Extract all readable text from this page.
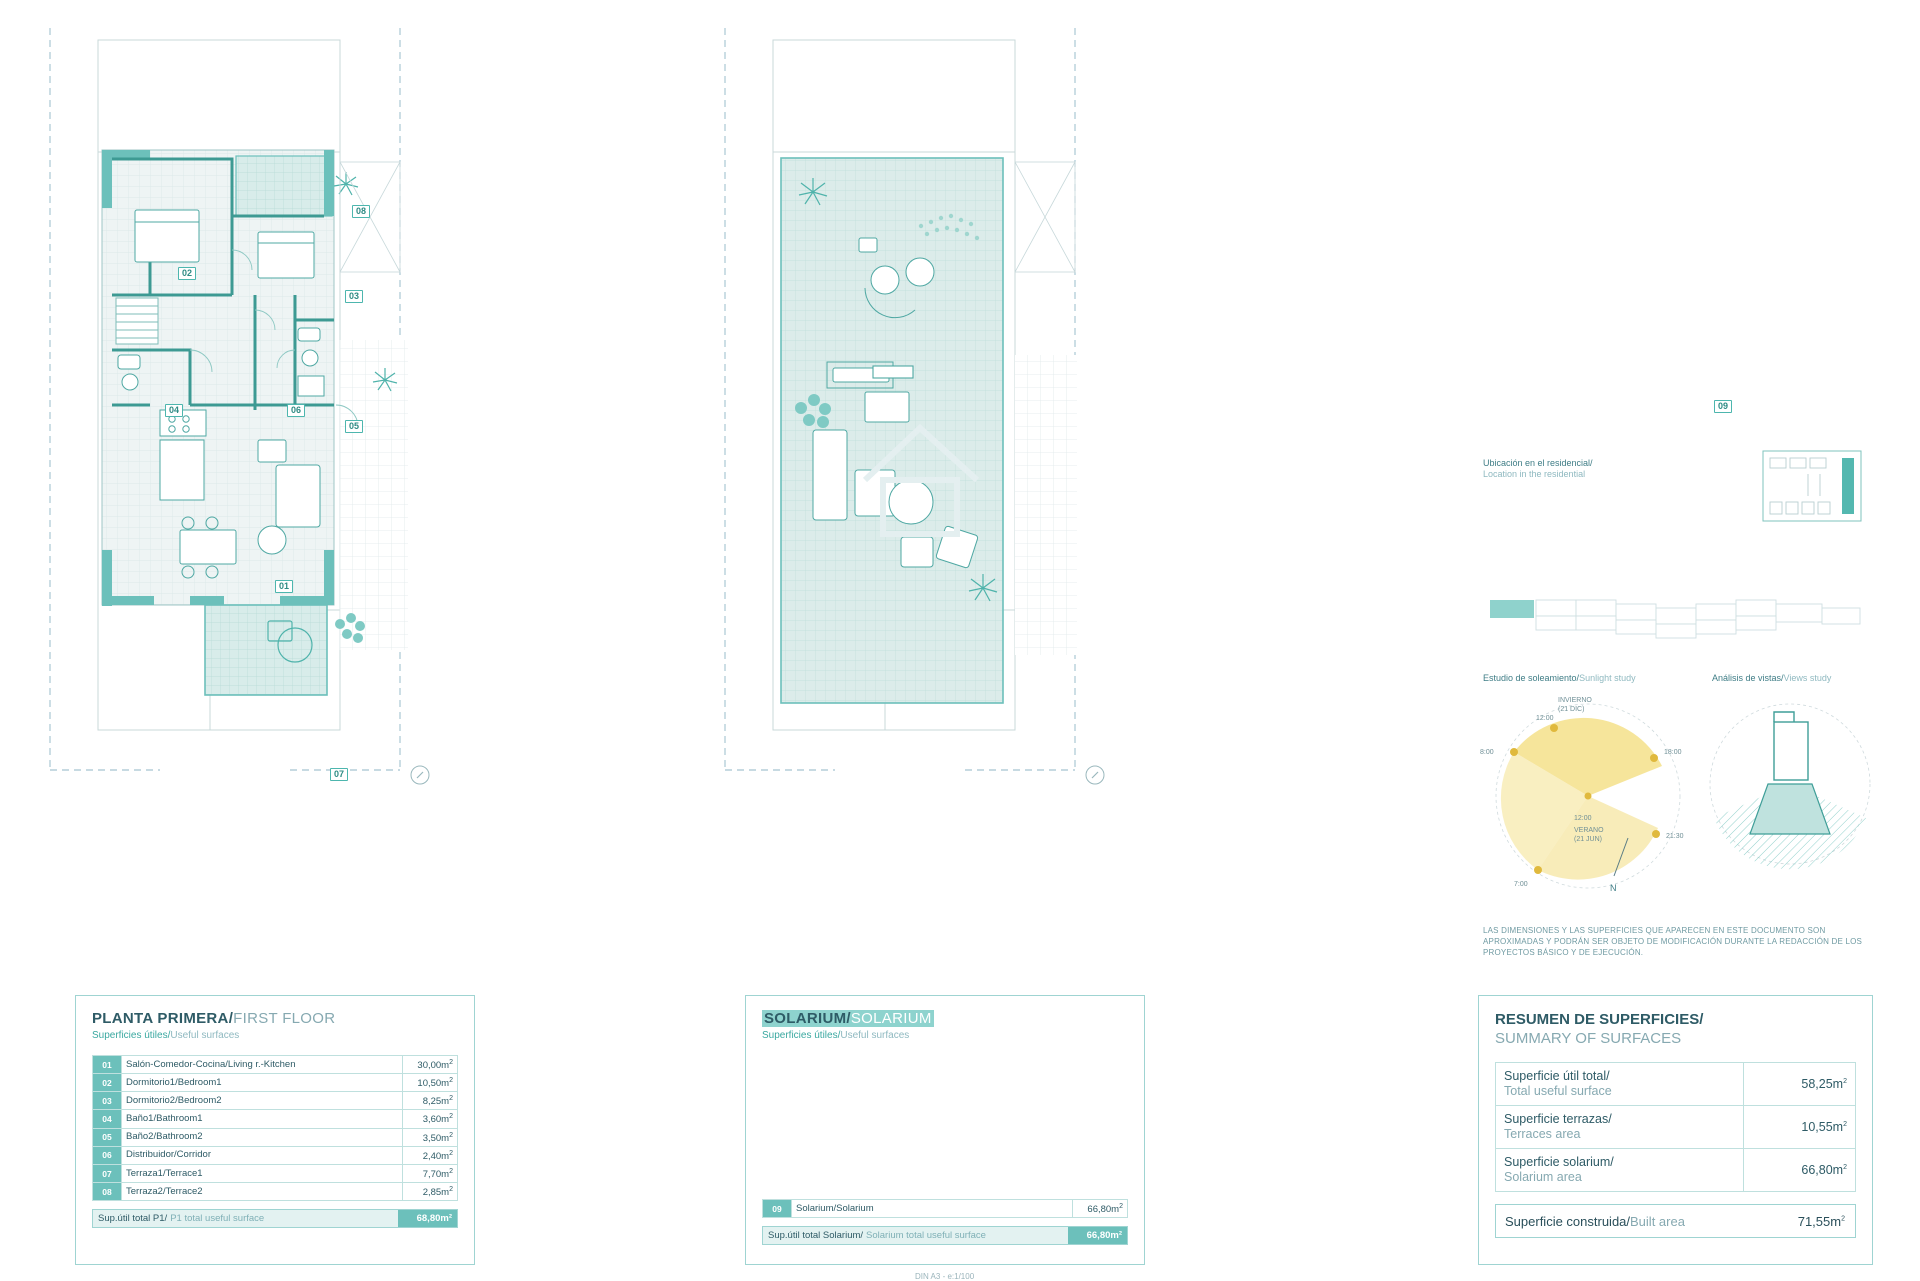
01
02
03
04
05
06
07
08
09
PLANTA PRIMERA/FIRST FLOOR
Superficies útiles/Useful surfaces
01	Salón-Comedor-Cocina/Living r.-Kitchen	$30,00m^2$
02	Dormitorio1/Bedroom1	$10,50m^2$
03	Dormitorio2/Bedroom2	$8,25m^2$
04	Baño1/Bathroom1	$3,60m^2$
05	Baño2/Bathroom2	$3,50m^2$
06	Distribuidor/Corridor	$2,40m^2$
07	Terraza1/Terrace1	$7,70m^2$
08	Terraza2/Terrace2	$2,85m^2$
Sup.útil total P1/ P1 total useful surface	68,80m²
SOLARIUM/SOLARIUM
Superficies útiles/Useful surfaces
09	Solarium/Solarium	$66,80m^2$
Sup.útil total Solarium/ Solarium total useful surface	66,80m²
DIN A3 - e:1/100
Ubicación en el residencial/
Location in the residential
Estudio de soleamiento/Sunlight study	Análisis de vistas/Views study
8:00
12:00
18:00
7:00
12:00
21:30
INVIERNO
(21 DIC)
VERANO
(21 JUN)
N
LAS DIMENSIONES Y LAS SUPERFICIES QUE APARECEN EN ESTE DOCUMENTO SON APROXIMADAS Y PODRÁN SER OBJETO DE MODIFICACIÓN DURANTE LA REDACCIÓN DE LOS PROYECTOS BÁSICO Y DE EJECUCIÓN.
RESUMEN DE SUPERFICIES/
SUMMARY OF SURFACES
Superficie útil total/
Total useful surface	$58,25m^2$
Superficie terrazas/
Terraces area	$10,55m^2$
Superficie solarium/
Solarium area	$66,80m^2$
Superficie construida/Built area	$71,55m^2$
